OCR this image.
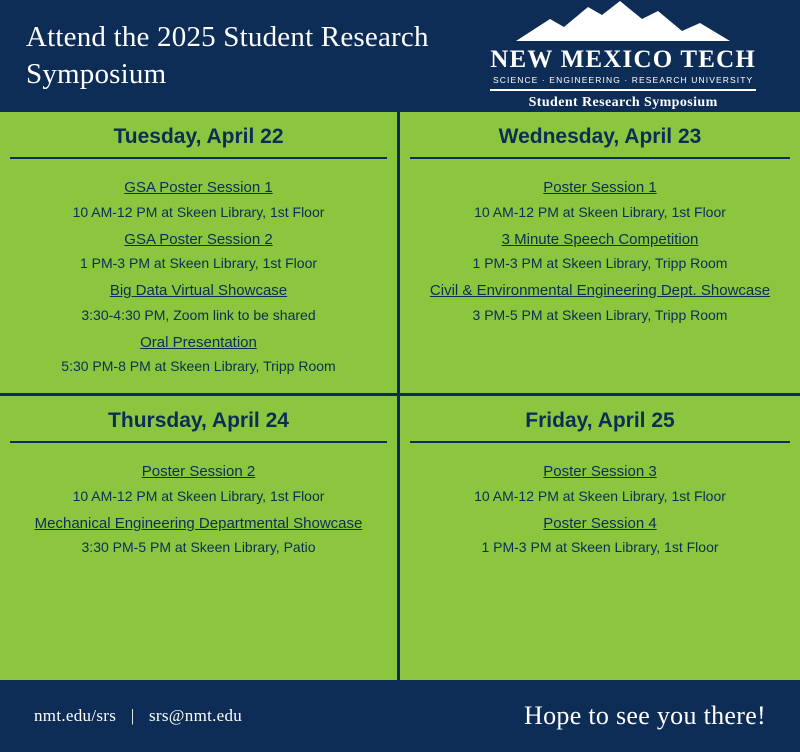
Attend the 2025 Student Research Symposium	NEW MEXICO TECH
SCIENCE · ENGINEERING · RESEARCH UNIVERSITY
Student Research Symposium
Tuesday, April 22
GSA Poster Session 1
10 AM-12 PM at Skeen Library, 1st Floor
GSA Poster Session 2
1 PM-3 PM at Skeen Library, 1st Floor
Big Data Virtual Showcase
3:30-4:30 PM, Zoom link to be shared
Oral Presentation
5:30 PM-8 PM at Skeen Library, Tripp Room
Wednesday, April 23
Poster Session 1
10 AM-12 PM at Skeen Library, 1st Floor
3 Minute Speech Competition
1 PM-3 PM at Skeen Library, Tripp Room
Civil & Environmental Engineering Dept. Showcase
3 PM-5 PM at Skeen Library, Tripp Room
Thursday, April 24
Poster Session 2
10 AM-12 PM at Skeen Library, 1st Floor
Mechanical Engineering Departmental Showcase
3:30 PM-5 PM at Skeen Library, Patio
Friday, April 25
Poster Session 3
10 AM-12 PM at Skeen Library, 1st Floor
Poster Session 4
1 PM-3 PM at Skeen Library, 1st Floor
nmt.edu/srs | srs@nmt.edu	Hope to see you there!
